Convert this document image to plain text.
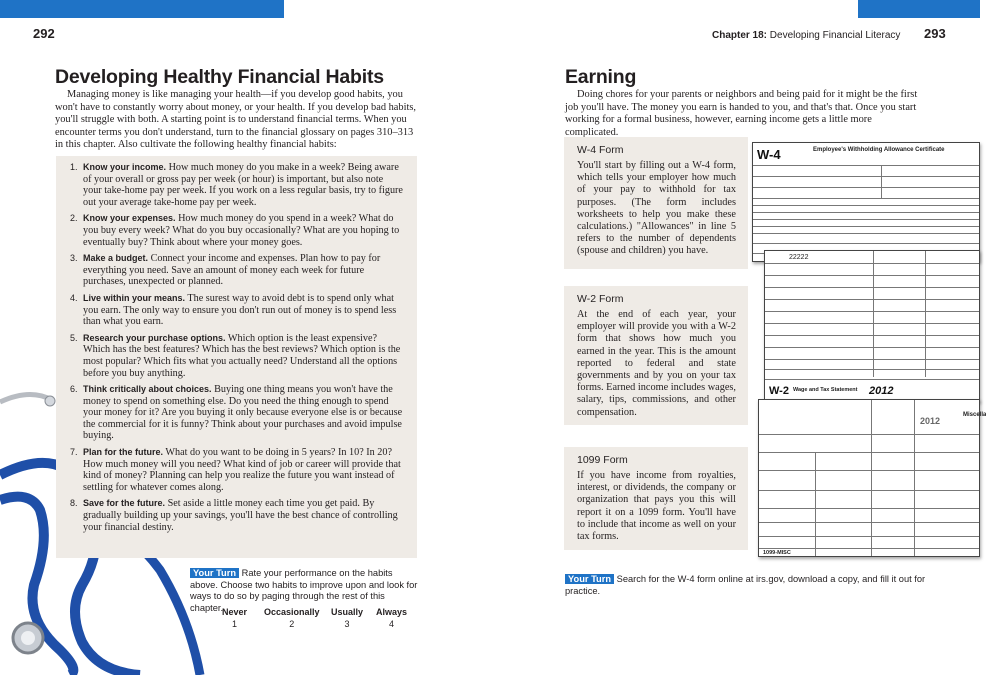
292	Chapter 18: Developing Financial Literacy 293
Developing Healthy Financial Habits

Managing money is like managing your health—if you develop good habits, you won't have to constantly worry about money, or your health. If you develop bad habits, you'll struggle with both. A starting point is to understand financial terms. When you encounter terms you don't understand, turn to the financial glossary on pages 310–313 in this chapter. Also cultivate the following healthy financial habits:

1. Know your income. How much money do you make in a week? Being aware of your overall or gross pay per week (or hour) is important, but also note your take-home pay per week. If you work on a less regular basis, try to figure out your average take-home pay per week.
2. Know your expenses. How much money do you spend in a week? What do you buy every week? What do you buy occasionally? What are you hoping to eventually buy? Think about where your money goes.
3. Make a budget. Connect your income and expenses. Plan how to pay for everything you need. Save an amount of money each week for future purchases, unexpected or planned.
4. Live within your means. The surest way to avoid debt is to spend only what you earn. The only way to ensure you don't run out of money is to spend less than what you earn.
5. Research your purchase options. Which option is the least expensive? Which has the best features? Which has the best reviews? Which option is the most popular? Which fits what you actually need? Understand all the options before you buy anything.
6. Think critically about choices. Buying one thing means you won't have the money to spend on something else. Do you need the thing enough to spend your money for it? Are you buying it only because everyone else is or because the commercial for it is funny? Think about your purchases and avoid impulse buying.
7. Plan for the future. What do you want to be doing in 5 years? In 10? In 20? How much money will you need? What kind of job or career will provide that kind of money? Planning can help you realize the future you want instead of settling for whatever comes along.
8. Save for the future. Set aside a little money each time you get paid. By gradually building up your savings, you'll have the best chance of controlling your financial destiny.

Your Turn Rate your performance on the habits above. Choose two habits to improve upon and look for ways to do so by paging through the rest of this chapter.

Never
1
Occasionally
2
Usually
3
Always
4
Earning

Doing chores for your parents or neighbors and being paid for it might be the first job you'll have. The money you earn is handed to you, and that's that. Once you start working for a formal business, however, earning income gets a little more complicated.

W-4 Form
You'll start by filling out a W-4 form, which tells your employer how much of your pay to withhold for tax purposes. (The form includes worksheets to help you make these calculations.) "Allowances" in line 5 refers to the number of dependents (spouse and children) you have.
W-2 Form
At the end of each year, your employer will provide you with a W-2 form that shows how much you earned in the year. This is the amount reported to federal and state governments and by you on your tax forms. Earned income includes wages, salary, tips, commissions, and other compensation.
1099 Form
If you have income from royalties, interest, or dividends, the company or organization that pays you this will report it on a 1099 form. You'll have to include that income as well on your tax forms.
W-4	Employee's Withholding Allowance Certificate
22222
W-2 Wage and Tax Statement 2012
2012
Miscella
1099-MISC

Your Turn Search for the W-4 form online at irs.gov, download a copy, and fill it out for practice.
